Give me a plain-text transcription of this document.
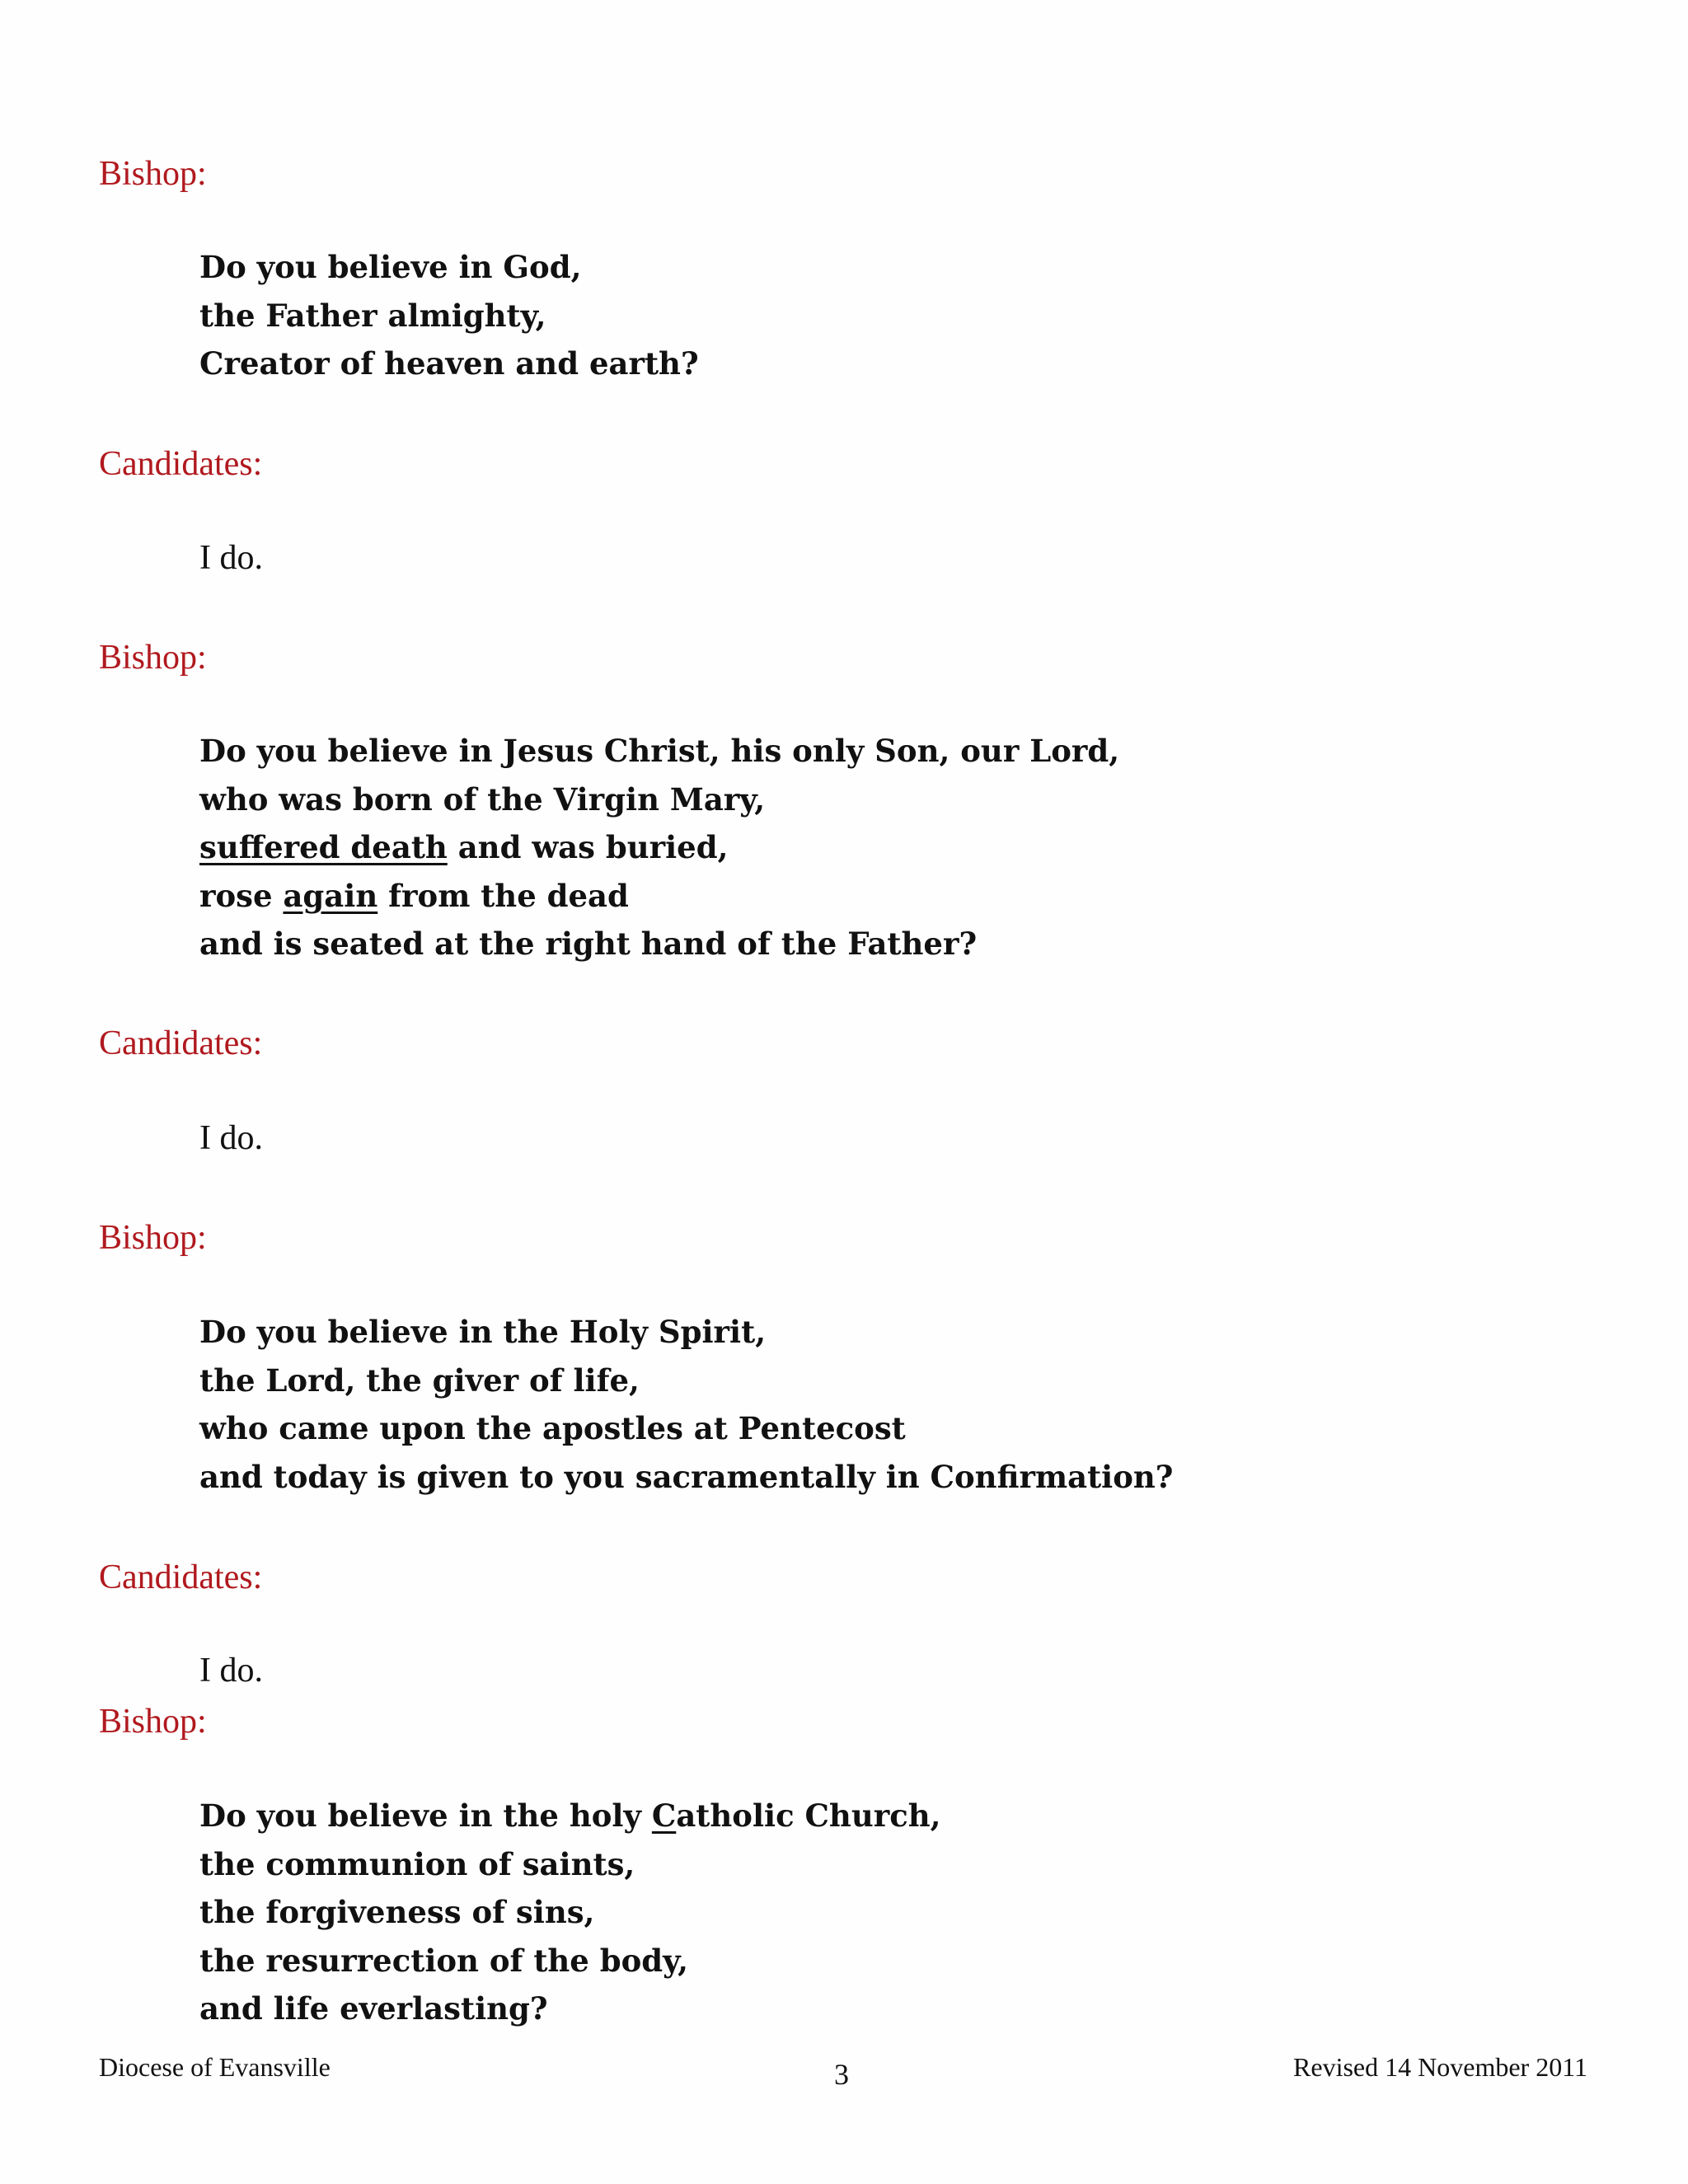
Bishop:
Do you believe in God,
the Father almighty,
Creator of heaven and earth?
Candidates:
I do.
Bishop:
Do you believe in Jesus Christ, his only Son, our Lord,
who was born of the Virgin Mary,
suffered death and was buried,
rose again from the dead
and is seated at the right hand of the Father?
Candidates:
I do.
Bishop:
Do you believe in the Holy Spirit,
the Lord, the giver of life,
who came upon the apostles at Pentecost
and today is given to you sacramentally in Confirmation?
Candidates:
I do.
Bishop:
Do you believe in the holy Catholic Church,
the communion of saints,
the forgiveness of sins,
the resurrection of the body,
and life everlasting?
Diocese of Evansville	3	Revised 14 November 2011
